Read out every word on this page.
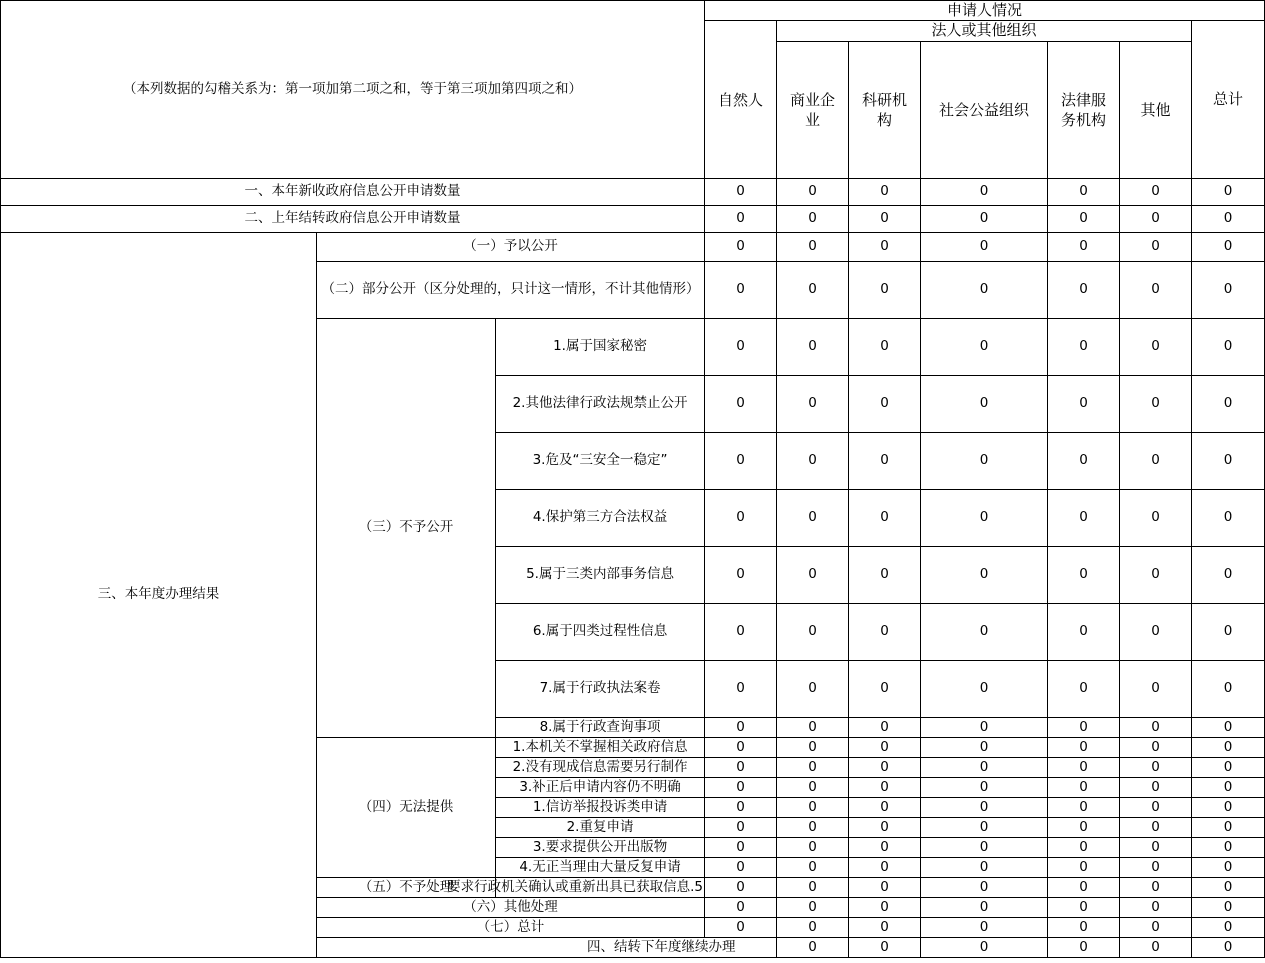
（本列数据的勾稽关系为：第一项加第二项之和，等于第三项加第四项之和）			申请人情况							
			自然人	法人或其他组织					总计	
				商业企业	科研机构	社会公益组织	法律服务机构	其他		
一、本年新收政府信息公开申请数量			0	0	0	0	0	0	0	
二、上年结转政府信息公开申请数量			0	0	0	0	0	0	0	
三、本年度办理结果	（一）予以公开		0	0	0	0	0	0	0	
	（二）部分公开（区分处理的，只计这一情形，不计其他情形）		0	0	0	0	0	0	0	
	（三）不予公开	1.属于国家秘密	0	0	0	0	0	0	0	
		2.其他法律行政法规禁止公开	0	0	0	0	0	0	0	
		3.危及“三安全一稳定”	0	0	0	0	0	0	0	
		4.保护第三方合法权益	0	0	0	0	0	0	0	
		5.属于三类内部事务信息	0	0	0	0	0	0	0	
		6.属于四类过程性信息	0	0	0	0	0	0	0	
		7.属于行政执法案卷	0	0	0	0	0	0	0	
		8.属于行政查询事项	0	0	0	0	0	0	0	
	（四）无法提供	1.本机关不掌握相关政府信息	0	0	0	0	0	0	0	
		2.没有现成信息需要另行制作	0	0	0	0	0	0	0	
		3.补正后申请内容仍不明确	0	0	0	0	0	0	0	
		1.信访举报投诉类申请	0	0	0	0	0	0	0	
		2.重复申请	0	0	0	0	0	0	0	
		3.要求提供公开出版物	0	0	0	0	0	0	0	
		4.无正当理由大量反复申请	0	0	0	0	0	0	0	
	（五）不予处理	5.要求行政机关确认或重新出具已获取信息	0	0	0	0	0	0	0	
	（六）其他处理		0	0	0	0	0	0	0	
	（七）总计		0	0	0	0	0	0	0	
	四、结转下年度继续办理			0	0	0	0	0	0	
